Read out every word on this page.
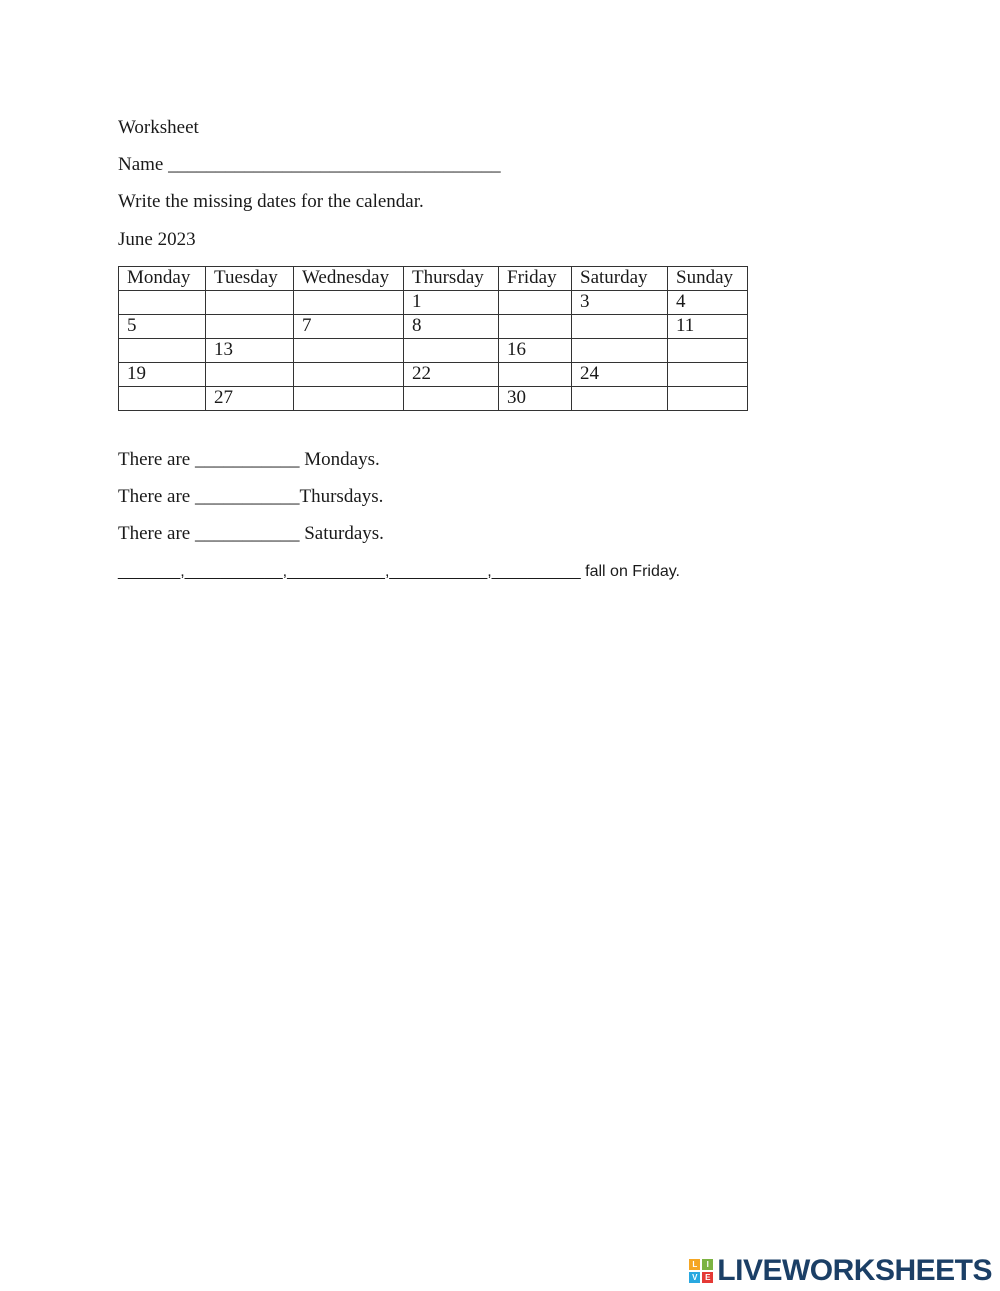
Worksheet
Name ___________________________________
Write the missing dates for the calendar.
June 2023
Monday	Tuesday	Wednesday	Thursday	Friday	Saturday	Sunday
			1		3	4
5		7	8			11
	13			16		
19			22		24	
	27			30		
There are ___________ Mondays.
There are ___________Thursdays.
There are ___________ Saturdays.
_______,___________,___________,___________,__________ fall on Friday.
L	I
V E LIVEWORKSHEETS
